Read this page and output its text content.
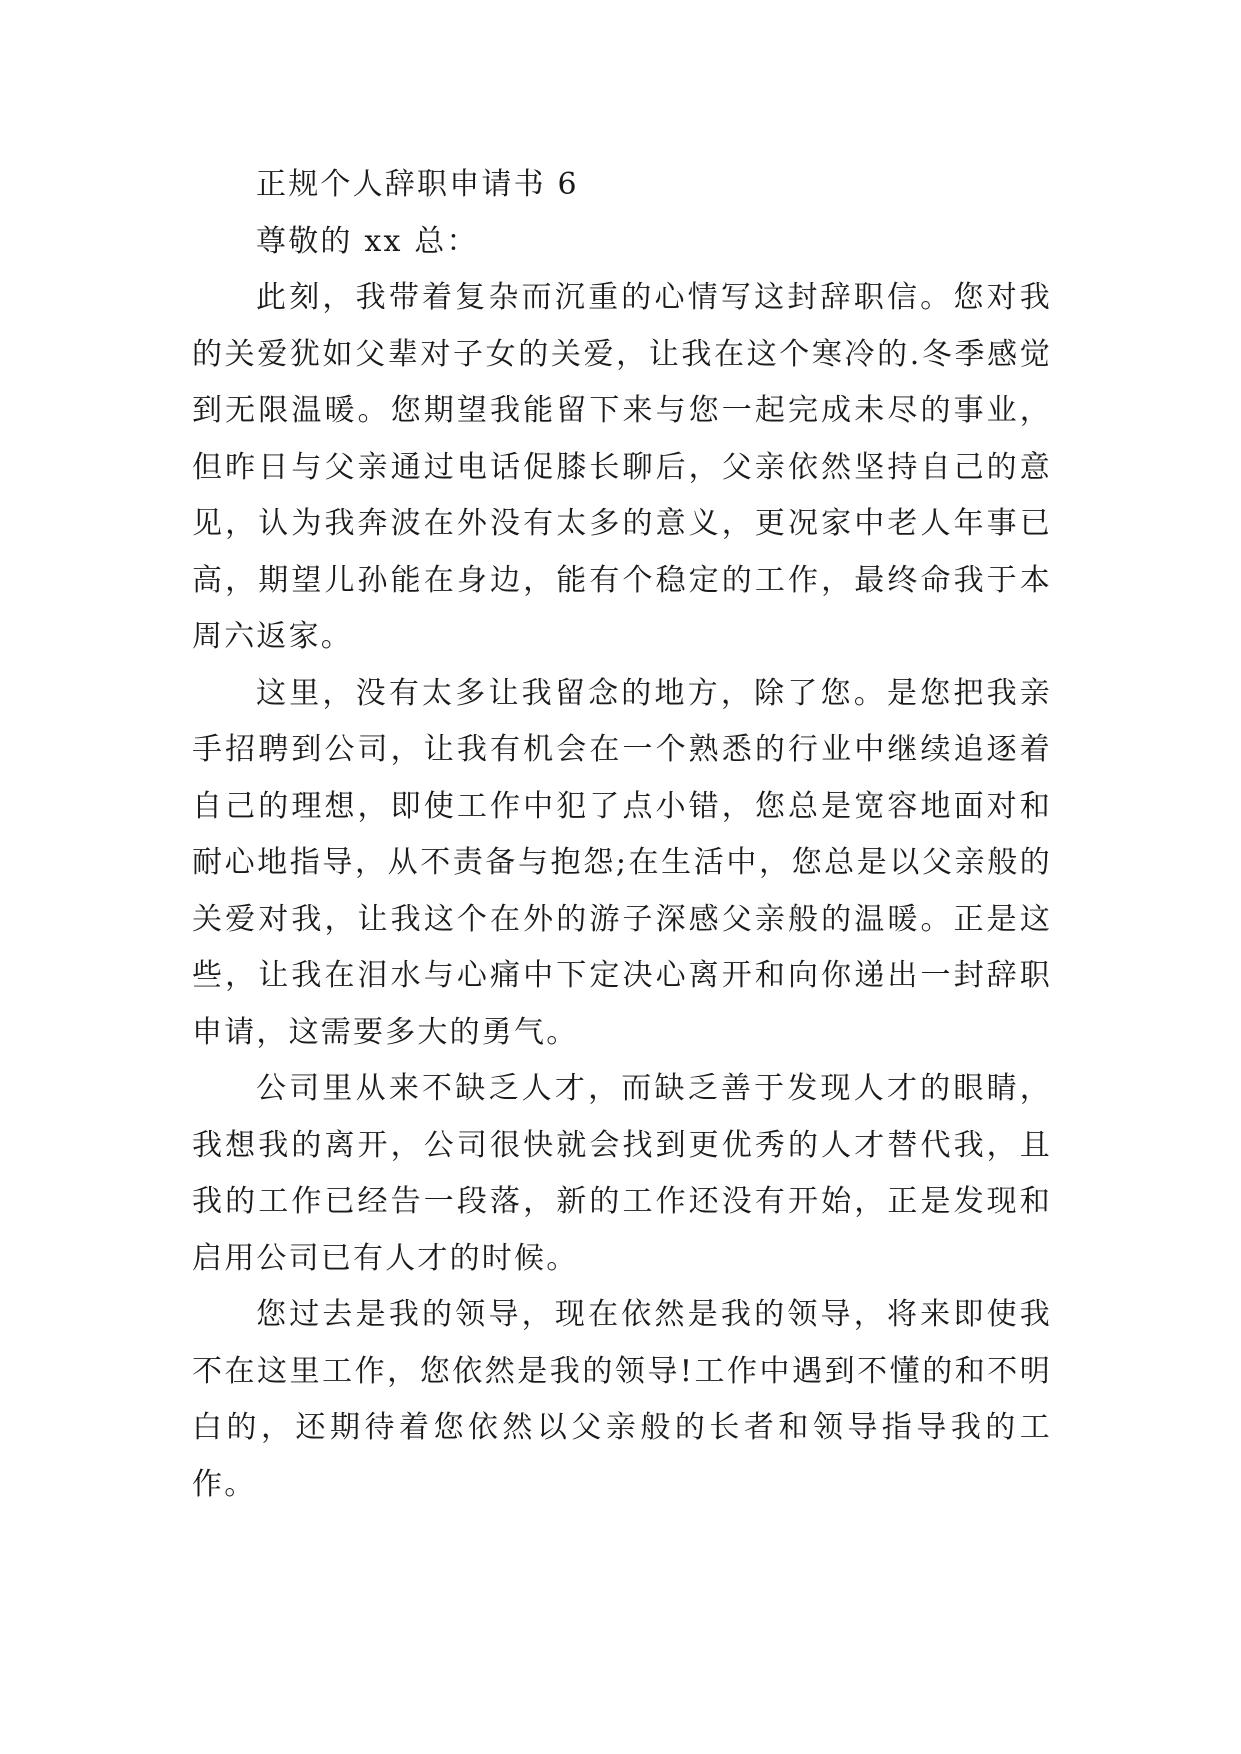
正规个人辞职申请书 6

尊敬的 xx 总：

此刻，我带着复杂而沉重的心情写这封辞职信。您对我的关爱犹如父辈对子女的关爱，让我在这个寒冷的.冬季感觉到无限温暖。您期望我能留下来与您一起完成未尽的事业，但昨日与父亲通过电话促膝长聊后，父亲依然坚持自己的意见，认为我奔波在外没有太多的意义，更况家中老人年事已高，期望儿孙能在身边，能有个稳定的工作，最终命我于本周六返家。

这里，没有太多让我留念的地方，除了您。是您把我亲手招聘到公司，让我有机会在一个熟悉的行业中继续追逐着自己的理想，即使工作中犯了点小错，您总是宽容地面对和耐心地指导，从不责备与抱怨;在生活中，您总是以父亲般的关爱对我，让我这个在外的游子深感父亲般的温暖。正是这些，让我在泪水与心痛中下定决心离开和向你递出一封辞职申请，这需要多大的勇气。

公司里从来不缺乏人才，而缺乏善于发现人才的眼睛，我想我的离开，公司很快就会找到更优秀的人才替代我，且我的工作已经告一段落，新的工作还没有开始，正是发现和启用公司已有人才的时候。

您过去是我的领导，现在依然是我的领导，将来即使我不在这里工作，您依然是我的领导!工作中遇到不懂的和不明白的，还期待着您依然以父亲般的长者和领导指导我的工作。
